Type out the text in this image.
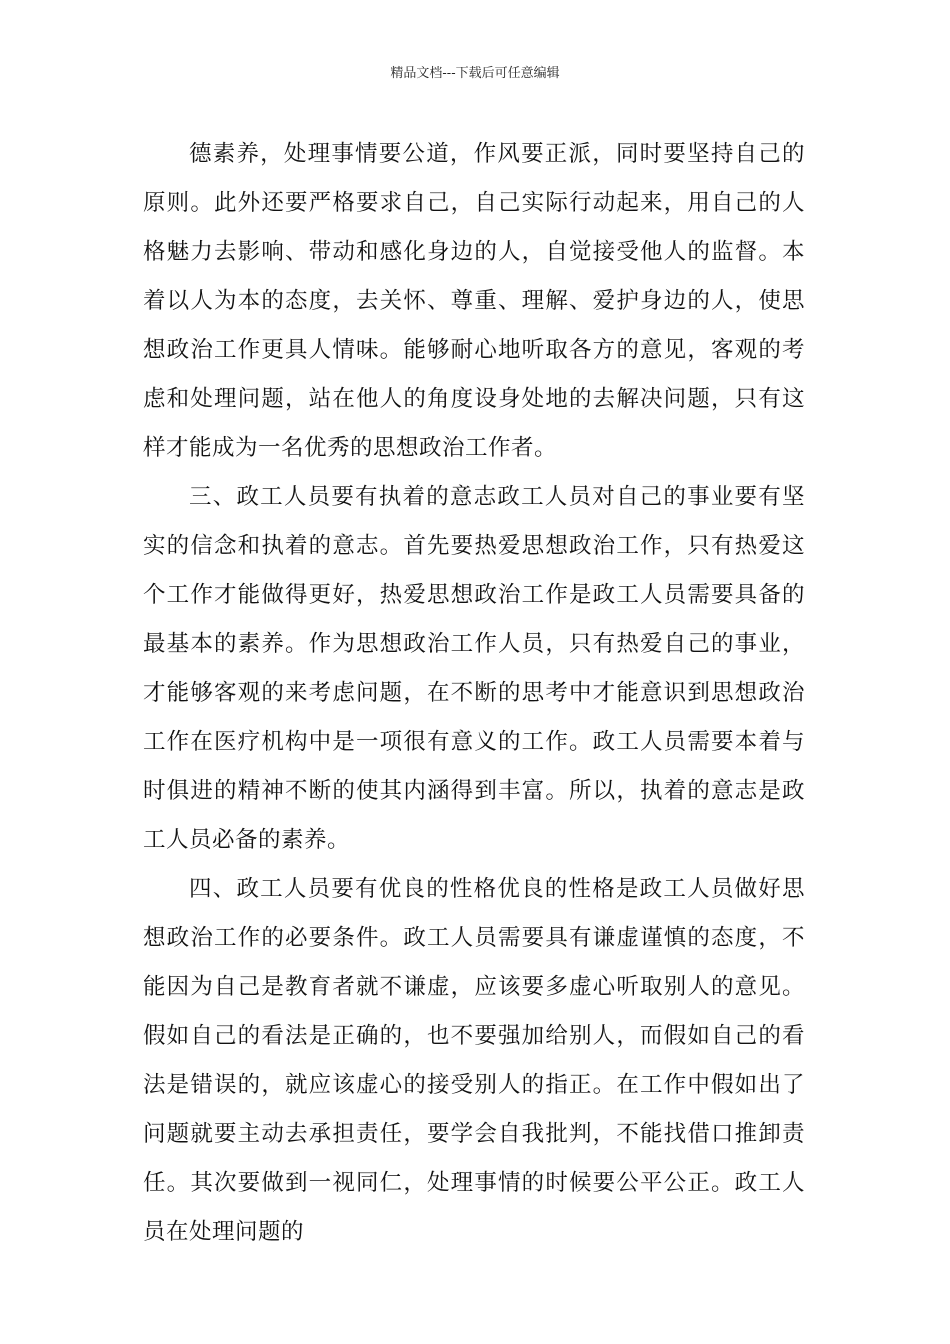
精品文档---下载后可任意编辑

德素养，处理事情要公道，作风要正派，同时要坚持自己的原则。此外还要严格要求自己，自己实际行动起来，用自己的人格魅力去影响、带动和感化身边的人，自觉接受他人的监督。本着以人为本的态度，去关怀、尊重、理解、爱护身边的人，使思想政治工作更具人情味。能够耐心地听取各方的意见，客观的考虑和处理问题，站在他人的角度设身处地的去解决问题，只有这样才能成为一名优秀的思想政治工作者。

三、政工人员要有执着的意志政工人员对自己的事业要有坚实的信念和执着的意志。首先要热爱思想政治工作，只有热爱这个工作才能做得更好，热爱思想政治工作是政工人员需要具备的最基本的素养。作为思想政治工作人员，只有热爱自己的事业，才能够客观的来考虑问题，在不断的思考中才能意识到思想政治工作在医疗机构中是一项很有意义的工作。政工人员需要本着与时俱进的精神不断的使其内涵得到丰富。所以，执着的意志是政工人员必备的素养。

四、政工人员要有优良的性格优良的性格是政工人员做好思想政治工作的必要条件。政工人员需要具有谦虚谨慎的态度，不能因为自己是教育者就不谦虚，应该要多虚心听取别人的意见。假如自己的看法是正确的，也不要强加给别人，而假如自己的看法是错误的，就应该虚心的接受别人的指正。在工作中假如出了问题就要主动去承担责任，要学会自我批判，不能找借口推卸责任。其次要做到一视同仁，处理事情的时候要公平公正。政工人员在处理问题的
